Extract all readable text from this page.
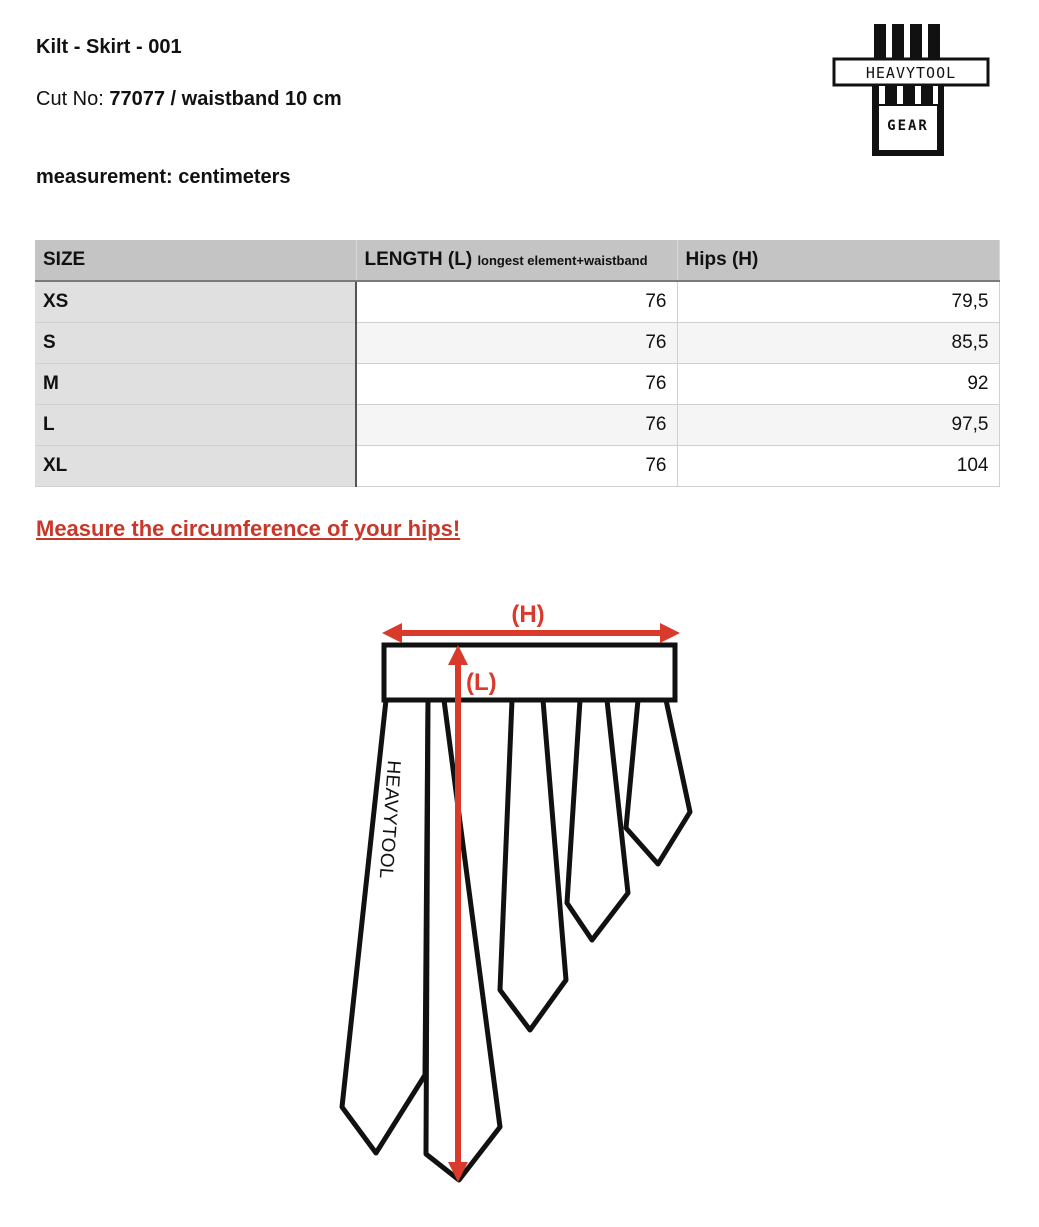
Kilt - Skirt - 001
Cut No: 77077 / waistband 10 cm
measurement: centimeters
HEAVYTOOL
GEAR
SIZE	LENGTH (L) longest element+waistband	Hips (H)
XS	76	79,5
S	76	85,5
M	76	92
L	76	97,5
XL	76	104
Measure the circumference of your hips!
HEAVYTOOL
(H)
(L)
